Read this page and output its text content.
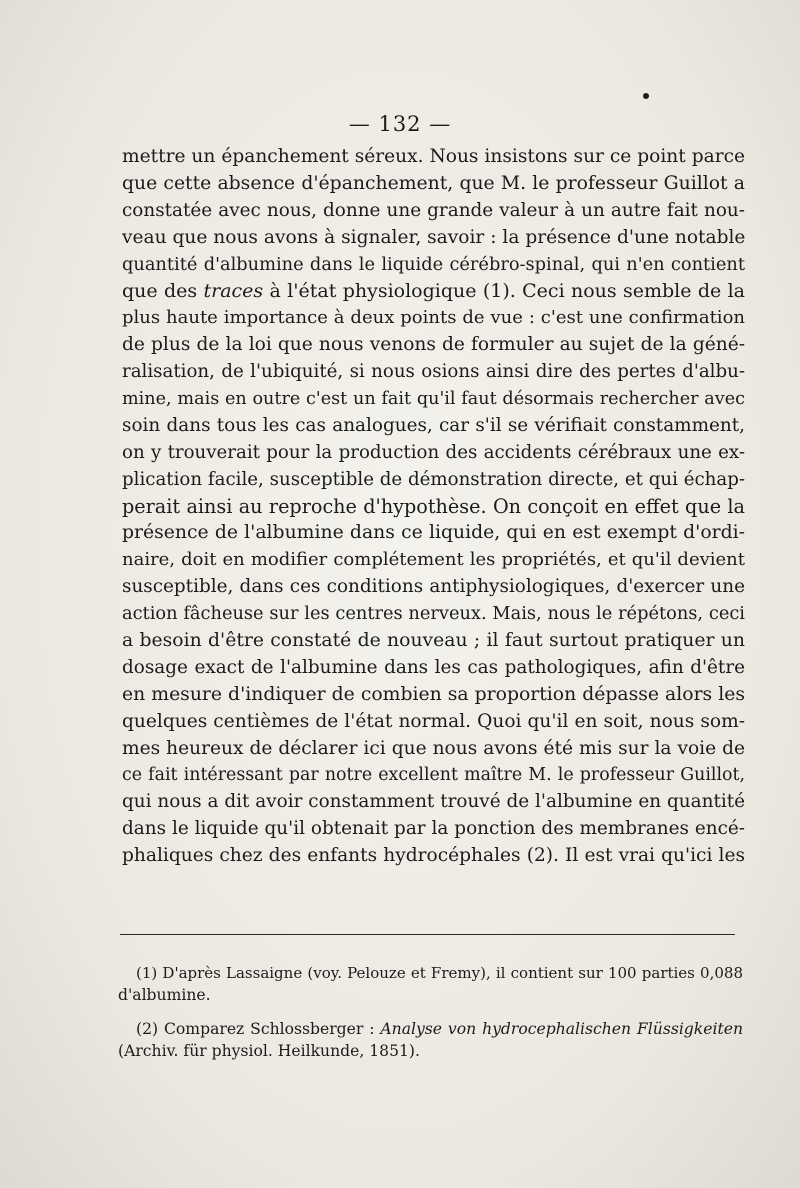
— 132 —
mettre un épanchement séreux. Nous insistons sur ce point parce
que cette absence d'épanchement, que M. le professeur Guillot a
constatée avec nous, donne une grande valeur à un autre fait nou-
veau que nous avons à signaler, savoir : la présence d'une notable
quantité d'albumine dans le liquide cérébro-spinal, qui n'en contient
que des traces à l'état physiologique (1). Ceci nous semble de la
plus haute importance à deux points de vue : c'est une confirmation
de plus de la loi que nous venons de formuler au sujet de la géné-
ralisation, de l'ubiquité, si nous osions ainsi dire des pertes d'albu-
mine, mais en outre c'est un fait qu'il faut désormais rechercher avec
soin dans tous les cas analogues, car s'il se vérifiait constamment,
on y trouverait pour la production des accidents cérébraux une ex-
plication facile, susceptible de démonstration directe, et qui échap-
perait ainsi au reproche d'hypothèse. On conçoit en effet que la
présence de l'albumine dans ce liquide, qui en est exempt d'ordi-
naire, doit en modifier complétement les propriétés, et qu'il devient
susceptible, dans ces conditions antiphysiologiques, d'exercer une
action fâcheuse sur les centres nerveux. Mais, nous le répétons, ceci
a besoin d'être constaté de nouveau ; il faut surtout pratiquer un
dosage exact de l'albumine dans les cas pathologiques, afin d'être
en mesure d'indiquer de combien sa proportion dépasse alors les
quelques centièmes de l'état normal. Quoi qu'il en soit, nous som-
mes heureux de déclarer ici que nous avons été mis sur la voie de
ce fait intéressant par notre excellent maître M. le professeur Guillot,
qui nous a dit avoir constamment trouvé de l'albumine en quantité
dans le liquide qu'il obtenait par la ponction des membranes encé-
phaliques chez des enfants hydrocéphales (2). Il est vrai qu'ici les
(1) D'après Lassaigne (voy. Pelouze et Fremy), il contient sur 100 parties 0,088
d'albumine.
(2) Comparez Schlossberger : Analyse von hydrocephalischen Flüssigkeiten
(Archiv. für physiol. Heilkunde, 1851).
